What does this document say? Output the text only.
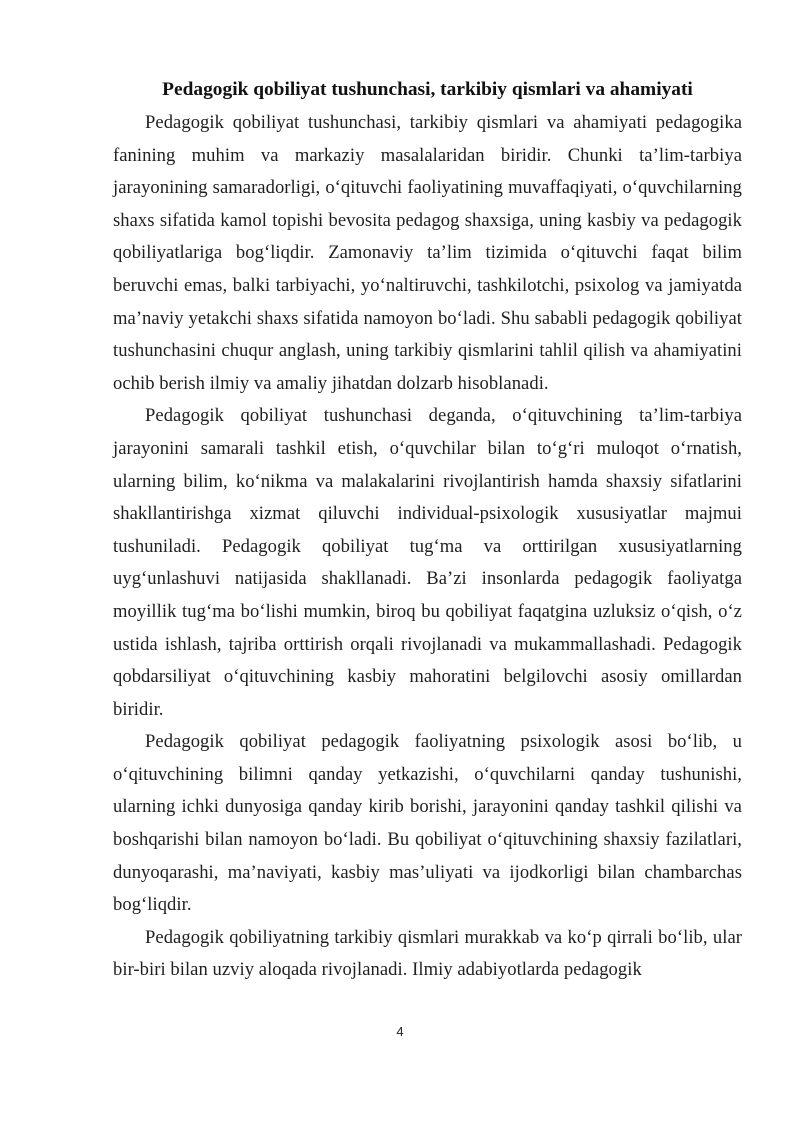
Pedagogik qobiliyat tushunchasi, tarkibiy qismlari va ahamiyati

Pedagogik qobiliyat tushunchasi, tarkibiy qismlari va ahamiyati pedagogika fanining muhim va markaziy masalalaridan biridir. Chunki ta’lim-tarbiya jarayonining samaradorligi, o‘qituvchi faoliyatining muvaffaqiyati, o‘quvchilarning shaxs sifatida kamol topishi bevosita pedagog shaxsiga, uning kasbiy va pedagogik qobiliyatlariga bog‘liqdir. Zamonaviy ta’lim tizimida o‘qituvchi faqat bilim beruvchi emas, balki tarbiyachi, yo‘naltiruvchi, tashkilotchi, psixolog va jamiyatda ma’naviy yetakchi shaxs sifatida namoyon bo‘ladi. Shu sababli pedagogik qobiliyat tushunchasini chuqur anglash, uning tarkibiy qismlarini tahlil qilish va ahamiyatini ochib berish ilmiy va amaliy jihatdan dolzarb hisoblanadi.

Pedagogik qobiliyat tushunchasi deganda, o‘qituvchining ta’lim-tarbiya jarayonini samarali tashkil etish, o‘quvchilar bilan to‘g‘ri muloqot o‘rnatish, ularning bilim, ko‘nikma va malakalarini rivojlantirish hamda shaxsiy sifatlarini shakllantirishga xizmat qiluvchi individual-psixologik xususiyatlar majmui tushuniladi. Pedagogik qobiliyat tug‘ma va orttirilgan xususiyatlarning uyg‘unlashuvi natijasida shakllanadi. Ba’zi insonlarda pedagogik faoliyatga moyillik tug‘ma bo‘lishi mumkin, biroq bu qobiliyat faqatgina uzluksiz o‘qish, o‘z ustida ishlash, tajriba orttirish orqali rivojlanadi va mukammallashadi. Pedagogik qobdarsiliyat o‘qituvchining kasbiy mahoratini belgilovchi asosiy omillardan biridir.

Pedagogik qobiliyat pedagogik faoliyatning psixologik asosi bo‘lib, u o‘qituvchining bilimni qanday yetkazishi, o‘quvchilarni qanday tushunishi, ularning ichki dunyosiga qanday kirib borishi, jarayonini qanday tashkil qilishi va boshqarishi bilan namoyon bo‘ladi. Bu qobiliyat o‘qituvchining shaxsiy fazilatlari, dunyoqarashi, ma’naviyati, kasbiy mas’uliyati va ijodkorligi bilan chambarchas bog‘liqdir.

Pedagogik qobiliyatning tarkibiy qismlari murakkab va ko‘p qirrali bo‘lib, ular bir-biri bilan uzviy aloqada rivojlanadi. Ilmiy adabiyotlarda pedagogik

4
